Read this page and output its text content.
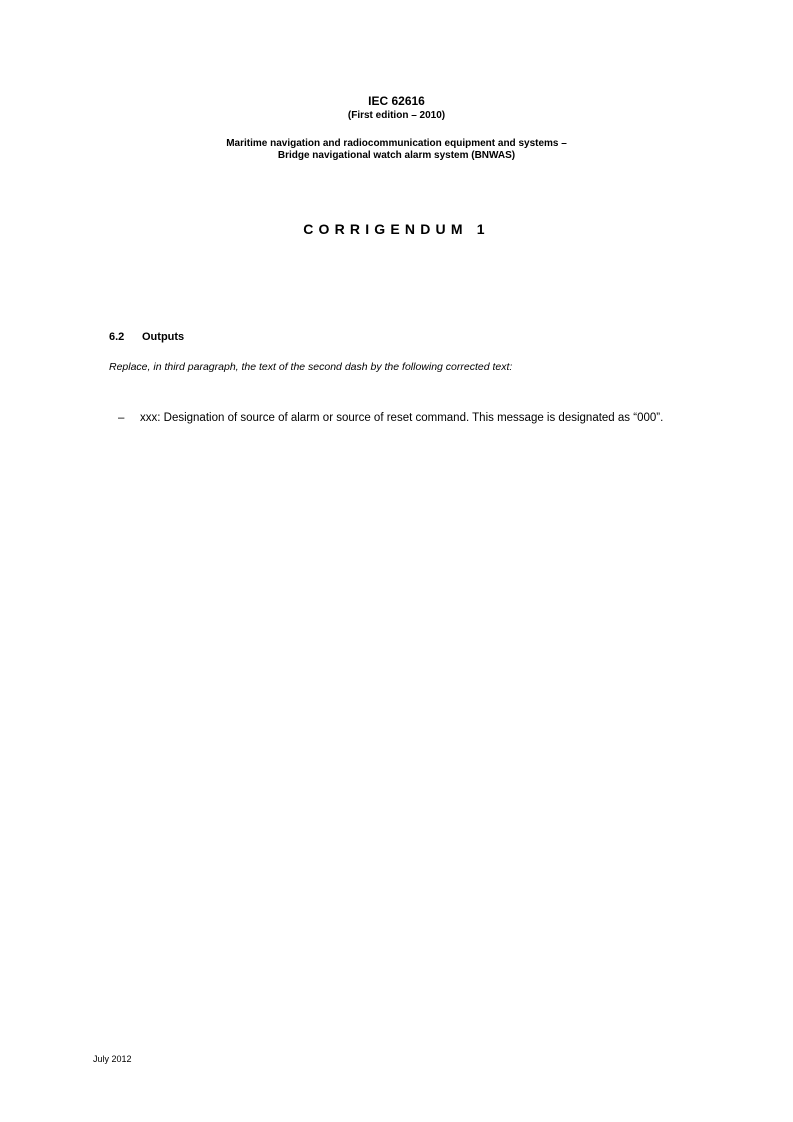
IEC 62616
(First edition – 2010)
Maritime navigation and radiocommunication equipment and systems –
Bridge navigational watch alarm system (BNWAS)
CORRIGENDUM 1
6.2 Outputs
Replace, in third paragraph, the text of the second dash by the following corrected text:
– xxx: Designation of source of alarm or source of reset command. This message is designated as “000”.
July 2012
